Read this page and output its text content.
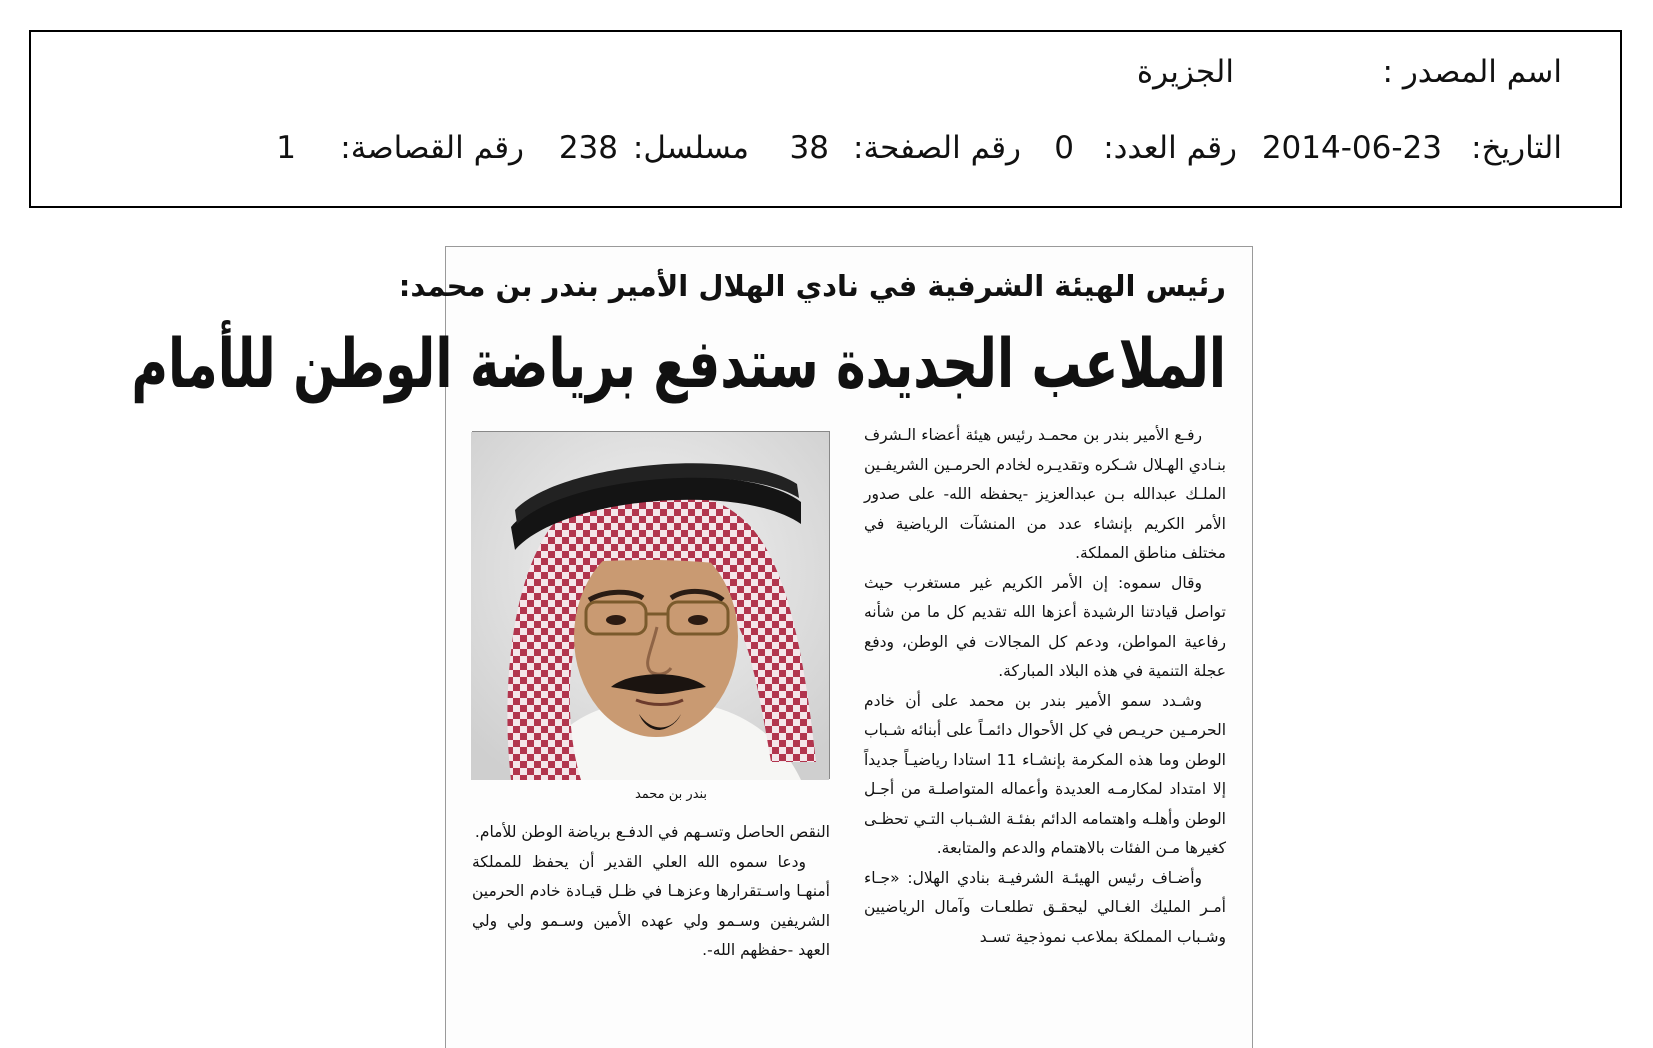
اسم المصدر :
الجزيرة
التاريخ:
2014-06-23
رقم العدد:
0
رقم الصفحة:
38
مسلسل:
238
رقم القصاصة:
1
رئيس الهيئة الشرفية في نادي الهلال الأمير بندر بن محمد:
الملاعب الجديدة ستدفع برياضة الوطن للأمام

رفـع الأمير بندر بن محمـد رئيس هيئة أعضاء الـشرف بنـادي الهـلال شـكره وتقديـره لخادم الحرمـين الشريفـين الملـك عبدالله بـن عبدالعزيز -يحفظه الله- على صدور الأمر الكريم بإنشاء عدد من المنشآت الرياضية في مختلف مناطق المملكة.

وقال سموه: إن الأمر الكريم غير مستغرب حيث تواصل قيادتنا الرشيدة أعزها الله تقديم كل ما من شأنه رفاعية المواطن، ودعم كل المجالات في الوطن، ودفع عجلة التنمية في هذه البلاد المباركة.

وشـدد سمو الأمير بندر بن محمد على أن خادم الحرمـين حريـص في كل الأحوال دائمـاً على أبنائه شـباب الوطن وما هذه المكرمة بإنشـاء 11 استادا رياضيـاً جديداً إلا امتداد لمكارمـه العديدة وأعماله المتواصلـة من أجـل الوطن وأهلـه واهتمامه الدائم بفئـة الشـباب التـي تحظـى كغيرها مـن الفئات بالاهتمام والدعم والمتابعة.

وأضـاف رئيس الهيئـة الشرفيـة بنادي الهلال: «جـاء أمـر المليك الغـالي ليحقـق تطلعـات وآمال الرياضيين وشـباب المملكة بملاعب نموذجية تسـد

بندر بن محمد

النقص الحاصل وتسـهم في الدفـع برياضة الوطن للأمام.

ودعا سموه الله العلي القدير أن يحفظ للمملكة أمنهـا واسـتقرارها وعزهـا في ظـل قيـادة خادم الحرمين الشريفين وسـمو ولي عهده الأمين وسـمو ولي ولي العهد -حفظهم الله-.
